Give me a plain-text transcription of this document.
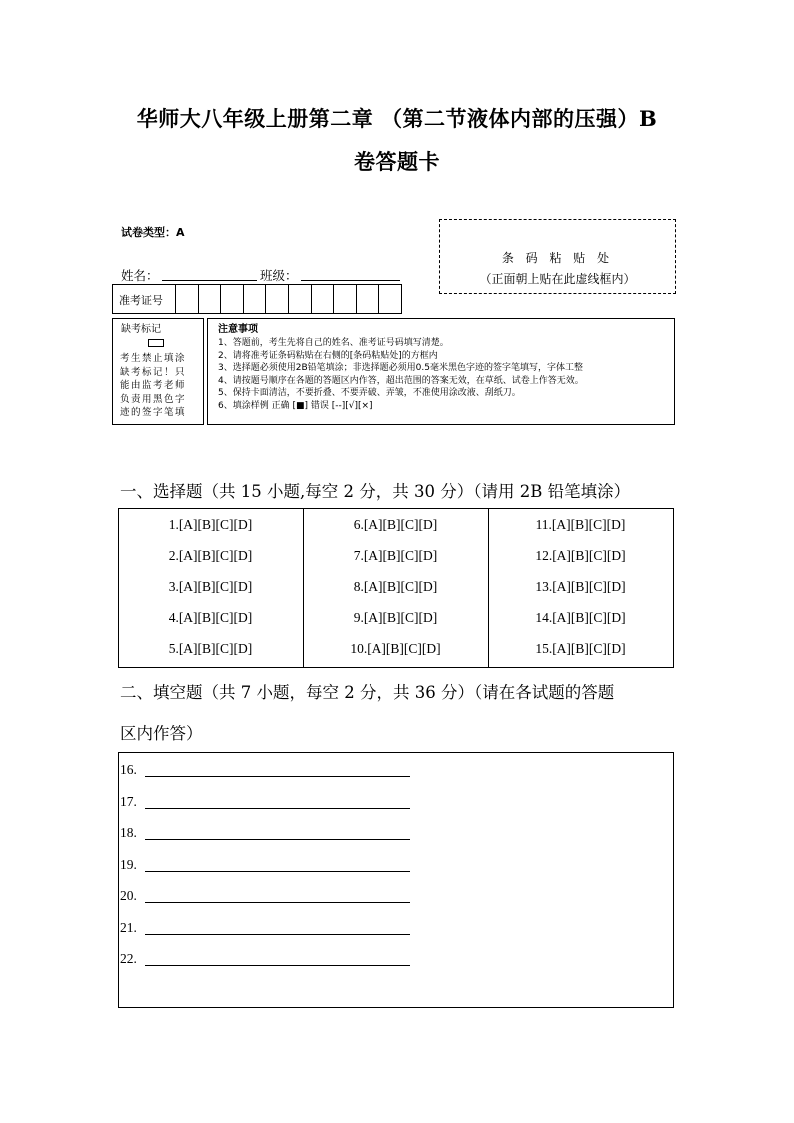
华师大八年级上册第二章 （第二节液体内部的压强）B
卷答题卡
试卷类型：A
姓名：	班级：
准考证号
条 码 粘 贴 处
（正面朝上贴在此虚线框内）
缺考标记
考生禁止填涂
缺考标记！只
能由监考老师
负责用黑色字
迹的签字笔填
注意事项
1、答题前，考生先将自己的姓名、准考证号码填写清楚。
2、请将准考证条码粘贴在右侧的[条码粘贴处]的方框内
3、选择题必须使用2B铅笔填涂；非选择题必须用0.5毫米黑色字迹的签字笔填写，字体工整
4、请按题号顺序在各题的答题区内作答，超出范围的答案无效，在草纸、试卷上作答无效。
5、保持卡面清洁，不要折叠、不要弄破、弄皱，不准使用涂改液、刮纸刀。
6、填涂样例 正确 [■] 错误 [--][√][×]
一、选择题（共 15 小题,每空 2 分，共 30 分）（请用 2B 铅笔填涂）
1.[A][B][C][D]
2.[A][B][C][D]
3.[A][B][C][D]
4.[A][B][C][D]
5.[A][B][C][D]
6.[A][B][C][D]
7.[A][B][C][D]
8.[A][B][C][D]
9.[A][B][C][D]
10.[A][B][C][D]
11.[A][B][C][D]
12.[A][B][C][D]
13.[A][B][C][D]
14.[A][B][C][D]
15.[A][B][C][D]
二、填空题（共 7 小题，每空 2 分，共 36 分）（请在各试题的答题
区内作答）
16.
17.
18.
19.
20.
21.
22.
